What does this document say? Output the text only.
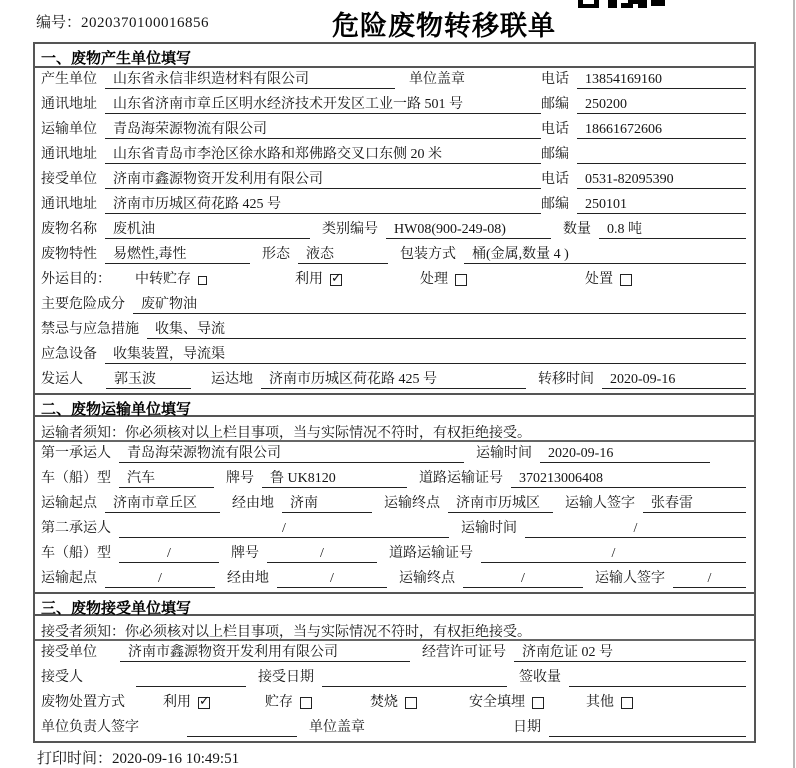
编号：2020370100016856	危险废物转移联单
一、废物产生单位填写
产生单位	山东省永信非织造材料有限公司	单位盖章	电话	13854169160
通讯地址	山东省济南市章丘区明水经济技术开发区工业一路 501 号	邮编	250200
运输单位	青岛海荣源物流有限公司	电话	18661672606
通讯地址	山东省青岛市李沧区徐水路和郑佛路交叉口东侧 20 米	邮编
接受单位	济南市鑫源物资开发利用有限公司	电话	0531-82095390
通讯地址	济南市历城区荷花路 425 号	邮编	250101
废物名称	废机油	类别编号	HW08(900-249-08)	数量	0.8 吨
废物特性	易燃性,毒性	形态	液态	包装方式	桶(金属,数量 4 )
外运目的： 中转贮存	利用 ✓	处理	处置
主要危险成分	废矿物油
禁忌与应急措施	收集、导流
应急设备	收集装置，导流渠
发运人	郭玉波	运达地	济南市历城区荷花路 425 号	转移时间	2020-09-16
二、废物运输单位填写
运输者须知：你必须核对以上栏目事项，当与实际情况不符时，有权拒绝接受。
第一承运人	青岛海荣源物流有限公司	运输时间	2020-09-16
车（船）型	汽车	牌号	鲁 UK8120	道路运输证号	370213006408
运输起点	济南市章丘区	经由地	济南	运输终点	济南市历城区	运输人签字	张春雷
第二承运人	/	运输时间	/
车（船）型	/	牌号	/	道路运输证号	/
运输起点	/	经由地	/	运输终点	/	运输人签字	/
三、废物接受单位填写
接受者须知：你必须核对以上栏目事项，当与实际情况不符时，有权拒绝接受。
接受单位	济南市鑫源物资开发利用有限公司	经营许可证号	济南危证 02 号
接受人	接受日期	签收量
废物处置方式	利用 ✓	贮存	焚烧	安全填埋	其他
单位负责人签字	单位盖章	日期
打印时间：2020-09-16 10:49:51
